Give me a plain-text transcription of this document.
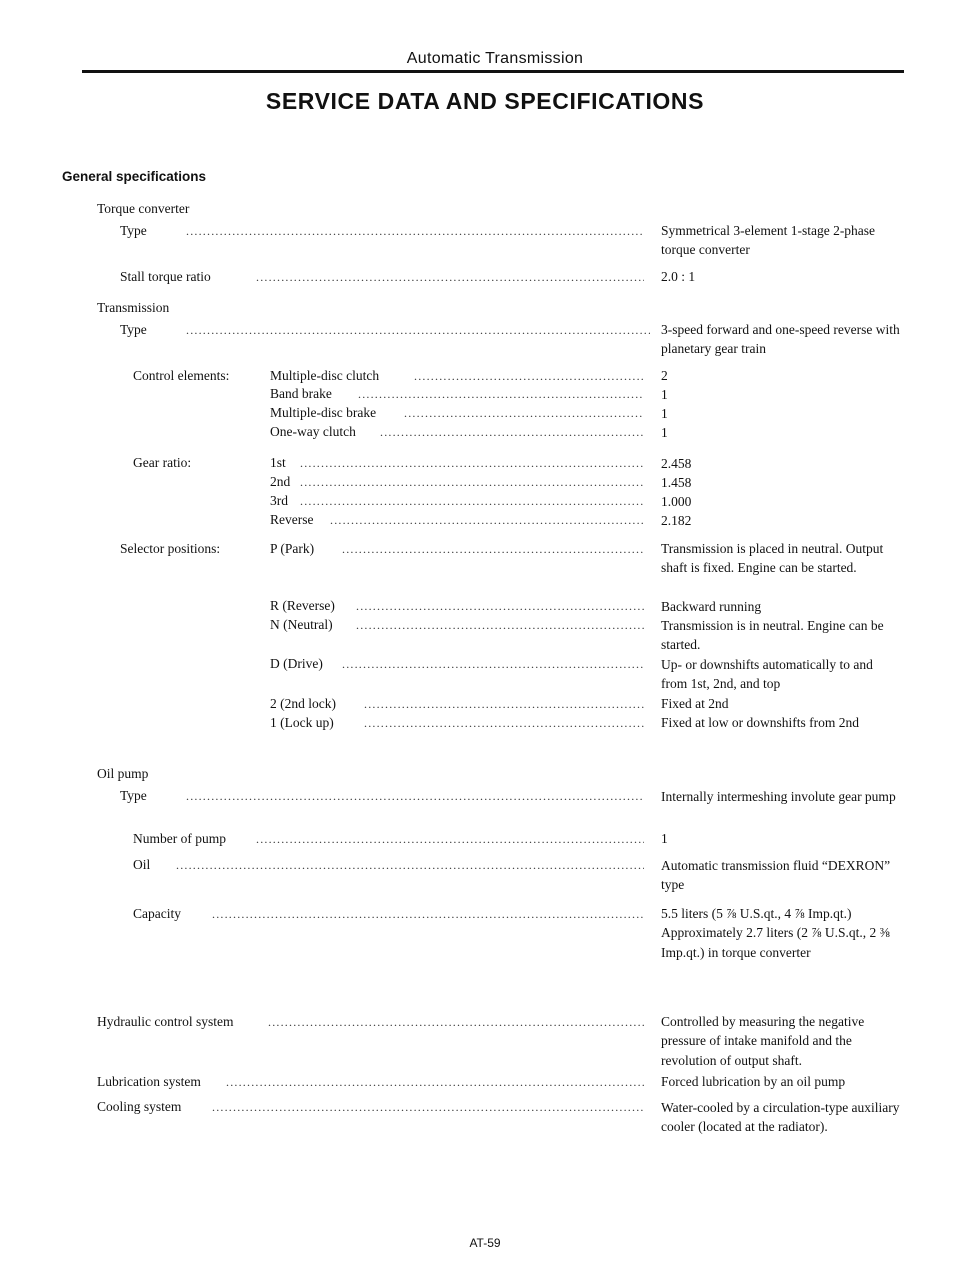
Automatic Transmission
SERVICE DATA AND SPECIFICATIONS
General specifications
Torque converter
Type .....	Symmetrical 3-element 1-stage 2-phase torque converter
Stall torque ratio .....	2.0 : 1
Transmission
Type .....	3-speed forward and one-speed reverse with planetary gear train
Control elements:	Multiple-disc clutch .....	2
Band brake .....	1
Multiple-disc brake .....	1
One-way clutch .....	1
Gear ratio:	1st .....	2.458
2nd .....	1.458
3rd .....	1.000
Reverse .....	2.182
Selector positions:	P (Park) .....	Transmission is placed in neutral. Output shaft is fixed. Engine can be started.
R (Reverse) .....	Backward running
N (Neutral) .....	Transmission is in neutral. Engine can be started.
D (Drive) .....	Up- or downshifts automatically to and from 1st, 2nd, and top
2 (2nd lock) .....	Fixed at 2nd
1 (Lock up) .....	Fixed at low or downshifts from 2nd
Oil pump
Type .....	Internally intermeshing involute gear pump
Number of pump .....	1
Oil .....	Automatic transmission fluid “DEXRON” type
Capacity .....	5.5 liters (5 ⅞ U.S.qt., 4 ⅞ Imp.qt.) Approximately 2.7 liters (2 ⅞ U.S.qt., 2 ⅜ Imp.qt.) in torque converter
Hydraulic control system .....	Controlled by measuring the negative pressure of intake manifold and the revolution of output shaft.
Lubrication system .....	Forced lubrication by an oil pump
Cooling system .....	Water-cooled by a circulation-type auxiliary cooler (located at the radiator).
AT-59
